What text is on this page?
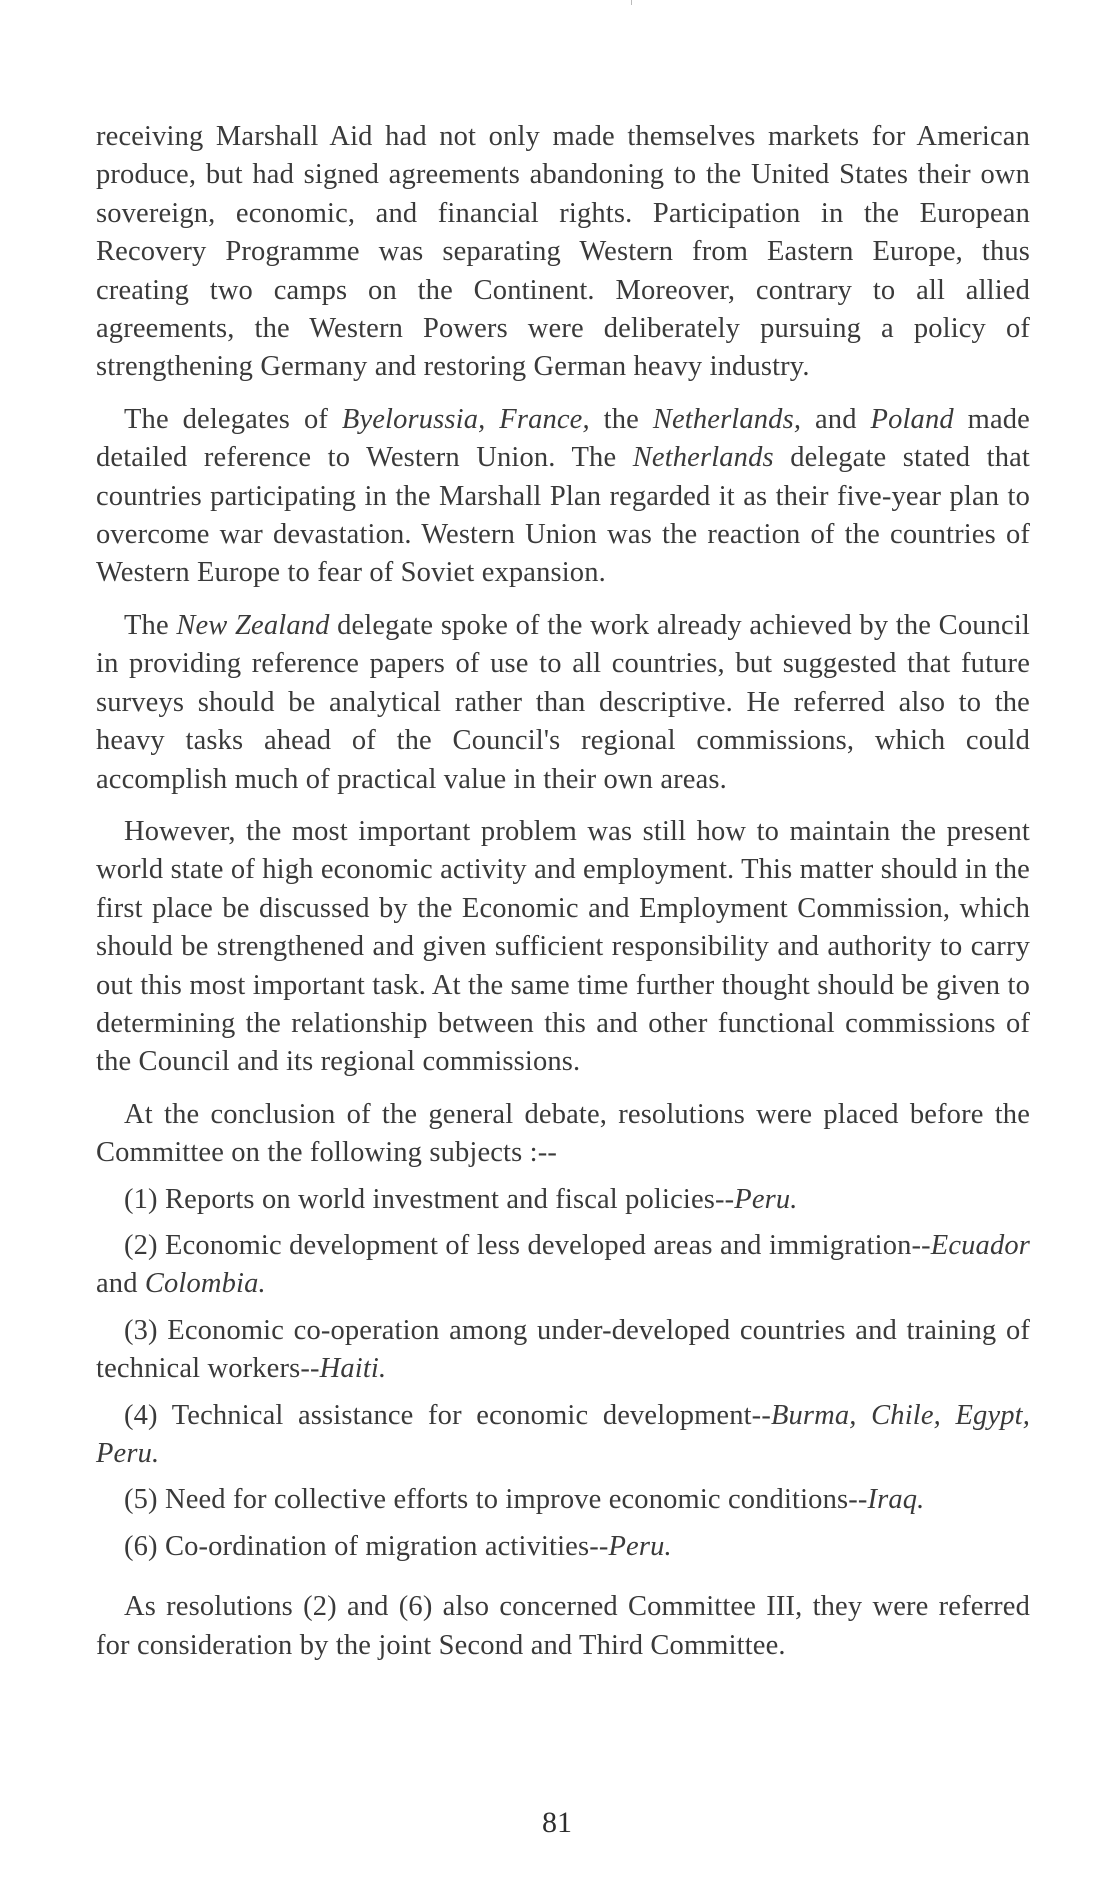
receiving Marshall Aid had not only made themselves markets for American produce, but had signed agreements abandoning to the United States their own sovereign, economic, and financial rights. Participation in the European Recovery Programme was separating Western from Eastern Europe, thus creating two camps on the Continent. Moreover, contrary to all allied agreements, the Western Powers were deliberately pursuing a policy of strengthening Germany and restoring German heavy industry.

The delegates of Byelorussia, France, the Netherlands, and Poland made detailed reference to Western Union. The Netherlands delegate stated that countries participating in the Marshall Plan regarded it as their five-year plan to overcome war devastation. Western Union was the reaction of the countries of Western Europe to fear of Soviet expansion.

The New Zealand delegate spoke of the work already achieved by the Council in providing reference papers of use to all countries, but suggested that future surveys should be analytical rather than descriptive. He referred also to the heavy tasks ahead of the Council's regional commissions, which could accomplish much of practical value in their own areas.

However, the most important problem was still how to maintain the present world state of high economic activity and employment. This matter should in the first place be discussed by the Economic and Employment Commission, which should be strengthened and given sufficient responsibility and authority to carry out this most important task. At the same time further thought should be given to determining the relationship between this and other functional commissions of the Council and its regional commissions.

At the conclusion of the general debate, resolutions were placed before the Committee on the following subjects :--

(1) Reports on world investment and fiscal policies--Peru.

(2) Economic development of less developed areas and immigration--Ecuador and Colombia.

(3) Economic co-operation among under-developed countries and training of technical workers--Haiti.

(4) Technical assistance for economic development--Burma, Chile, Egypt, Peru.

(5) Need for collective efforts to improve economic conditions--Iraq.

(6) Co-ordination of migration activities--Peru.

As resolutions (2) and (6) also concerned Committee III, they were referred for consideration by the joint Second and Third Committee.

81
